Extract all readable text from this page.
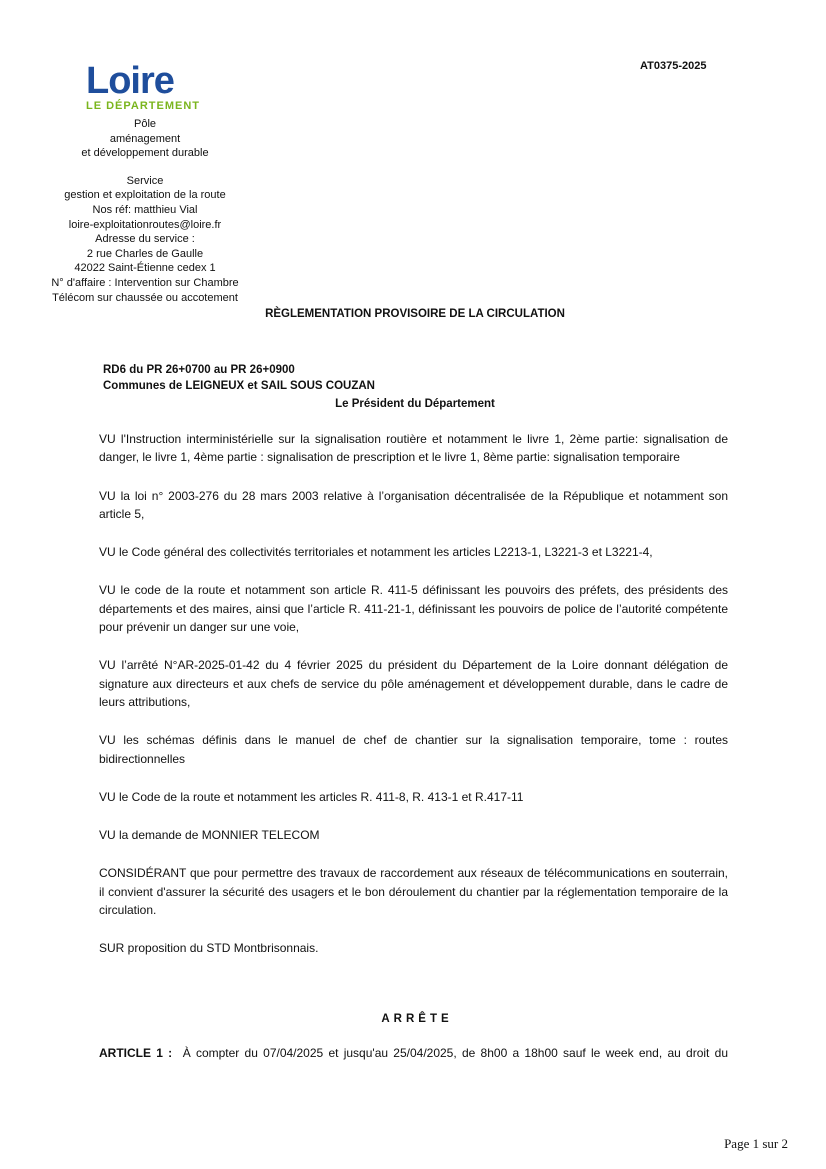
AT0375-2025
Loire
LE DÉPARTEMENT
Pôle
aménagement
et développement durable
Service
gestion et exploitation de la route
Nos réf: matthieu Vial
loire-exploitationroutes@loire.fr
Adresse du service :
2 rue Charles de Gaulle
42022 Saint-Étienne cedex 1
N° d'affaire : Intervention sur Chambre
Télécom sur chaussée ou accotement
RÈGLEMENTATION PROVISOIRE DE LA CIRCULATION
RD6 du PR 26+0700 au PR 26+0900
Communes de LEIGNEUX et SAIL SOUS COUZAN
Le Président du Département

VU l'Instruction interministérielle sur la signalisation routière et notamment le livre 1, 2ème partie: signalisation de danger, le livre 1, 4ème partie : signalisation de prescription et le livre 1, 8ème partie: signalisation temporaire

VU la loi n° 2003-276 du 28 mars 2003 relative à l’organisation décentralisée de la République et notamment son article 5,

VU le Code général des collectivités territoriales et notamment les articles L2213-1, L3221-3 et L3221-4,

VU le code de la route et notamment son article R. 411-5 définissant les pouvoirs des préfets, des présidents des départements et des maires, ainsi que l’article R. 411-21-1, définissant les pouvoirs de police de l’autorité compétente pour prévenir un danger sur une voie,

VU l’arrêté N°AR-2025-01-42 du 4 février 2025 du président du Département de la Loire donnant délégation de signature aux directeurs et aux chefs de service du pôle aménagement et développement durable, dans le cadre de leurs attributions,

VU les schémas définis dans le manuel de chef de chantier sur la signalisation temporaire, tome : routes bidirectionnelles

VU le Code de la route et notamment les articles R. 411-8, R. 413-1 et R.417-11

VU la demande de MONNIER TELECOM

CONSIDÉRANT que pour permettre des travaux de raccordement aux réseaux de télécommunications en souterrain, il convient d'assurer la sécurité des usagers et le bon déroulement du chantier par la réglementation temporaire de la circulation.

SUR proposition du STD Montbrisonnais.

ARRÊTE
ARTICLE 1 : À compter du 07/04/2025 et jusqu'au 25/04/2025, de 8h00 a 18h00 sauf le week end, au droit du
Page 1 sur 2
